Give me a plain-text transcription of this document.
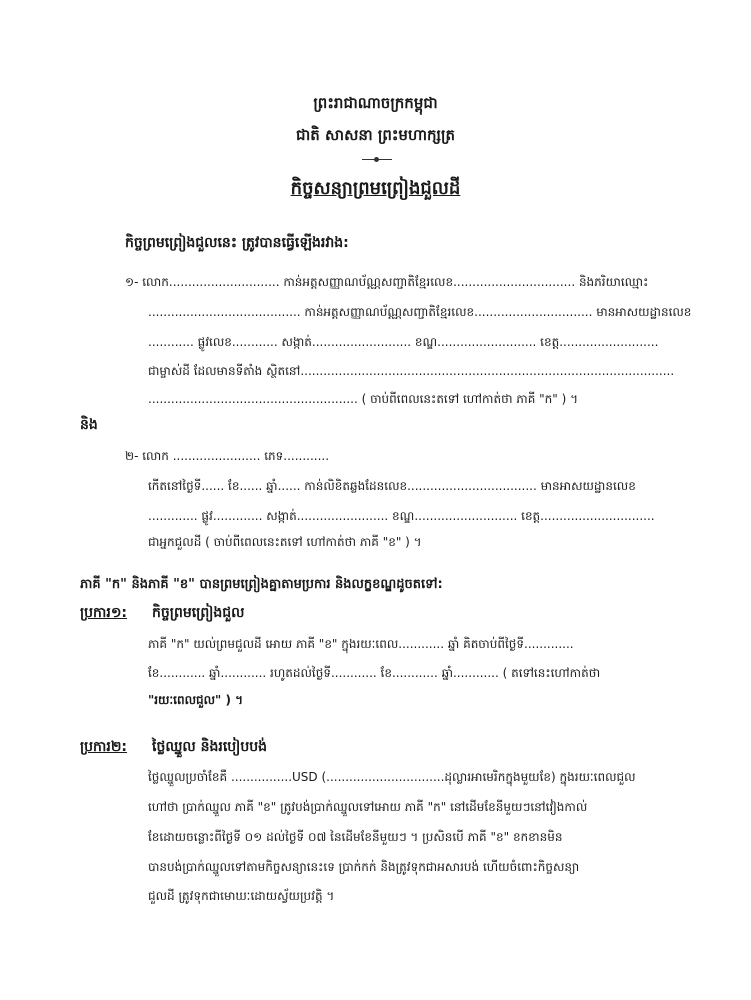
ព្រះរាជាណាចក្រកម្ពុជា
ជាតិ សាសនា ព្រះមហាក្សត្រ
កិច្ចសន្យាព្រមព្រៀងជួលដី
កិច្ចព្រមព្រៀងជួលនេះ ត្រូវបានធ្វើឡើងរវាង:
១- លោក............................. កាន់អត្តសញ្ញាណប័ណ្ណសញ្ជាតិខ្មែរលេខ................................ និងភរិយាឈ្មោះ
........................................ កាន់អត្តសញ្ញាណប័ណ្ណសញ្ជាតិខ្មែរលេខ............................... មានអាសយដ្ឋានលេខ
............ ផ្លូវលេខ............ សង្កាត់.......................... ខណ្ឌ.......................... ខេត្ត..........................
ជាម្ចាស់ដី ដែលមានទីតាំង ស្ថិតនៅ..................................................................................................
....................................................... ( ចាប់ពីពេលនេះតទៅ ហៅកាត់ថា ភាគី "ក" ) ។
និង
២- លោក ....................... ភេទ............
កើតនៅថ្ងៃទី...... ខែ...... ឆ្នាំ...... កាន់លិខិតឆ្លងដែនលេខ.................................. មានអាសយដ្ឋានលេខ
............. ផ្លូវ............. សង្កាត់........................ ខណ្ឌ........................... ខេត្ត..............................
ជាអ្នកជួលដី ( ចាប់ពីពេលនេះតទៅ ហៅកាត់ថា ភាគី "ខ" ) ។
ភាគី "ក" និងភាគី "ខ" បានព្រមព្រៀងគ្នាតាមប្រការ និងលក្ខខណ្ឌដូចតទៅ:
ប្រការ១: កិច្ចព្រមព្រៀងជួល
ភាគី "ក" យល់ព្រមជួលដី អោយ ភាគី "ខ" ក្នុងរយៈពេល............ ឆ្នាំ គិតចាប់ពីថ្ងៃទី.............
ខែ............ ឆ្នាំ............ រហូតដល់ថ្ងៃទី............ ខែ............ ឆ្នាំ............ ( តទៅនេះហៅកាត់ថា
"រយៈពេលជួល" ) ។
ប្រការ២: ថ្លៃឈ្នួល និងរបៀបបង់
ថ្លៃឈ្នួលប្រចាំខែគឺ ................USD (...............................ដុល្លារអាមេរិកក្នុងមួយខែ) ក្នុងរយៈពេលជួល
ហៅថា ប្រាក់ឈ្នួល ភាគី "ខ" ត្រូវបង់ប្រាក់ឈ្នួលទៅអោយ ភាគី "ក" នៅដើមខែនីមួយៗនៅវៀងកាល់
ខែដោយចន្លោះពីថ្ងៃទី ០១ ដល់ថ្ងៃទី ០៧ នៃដើមខែនីមួយៗ ។ ប្រសិនបើ ភាគី "ខ" ខកខានមិន
បានបង់ប្រាក់ឈ្នួលទៅតាមកិច្ចសន្យានេះទេ ប្រាក់កក់ និងត្រូវទុកជាអសារបង់ ហើយចំពោះកិច្ចសន្យា
ជួលដី ត្រូវទុកជាមោឃៈដោយស្វ័យប្រវត្តិ ។
